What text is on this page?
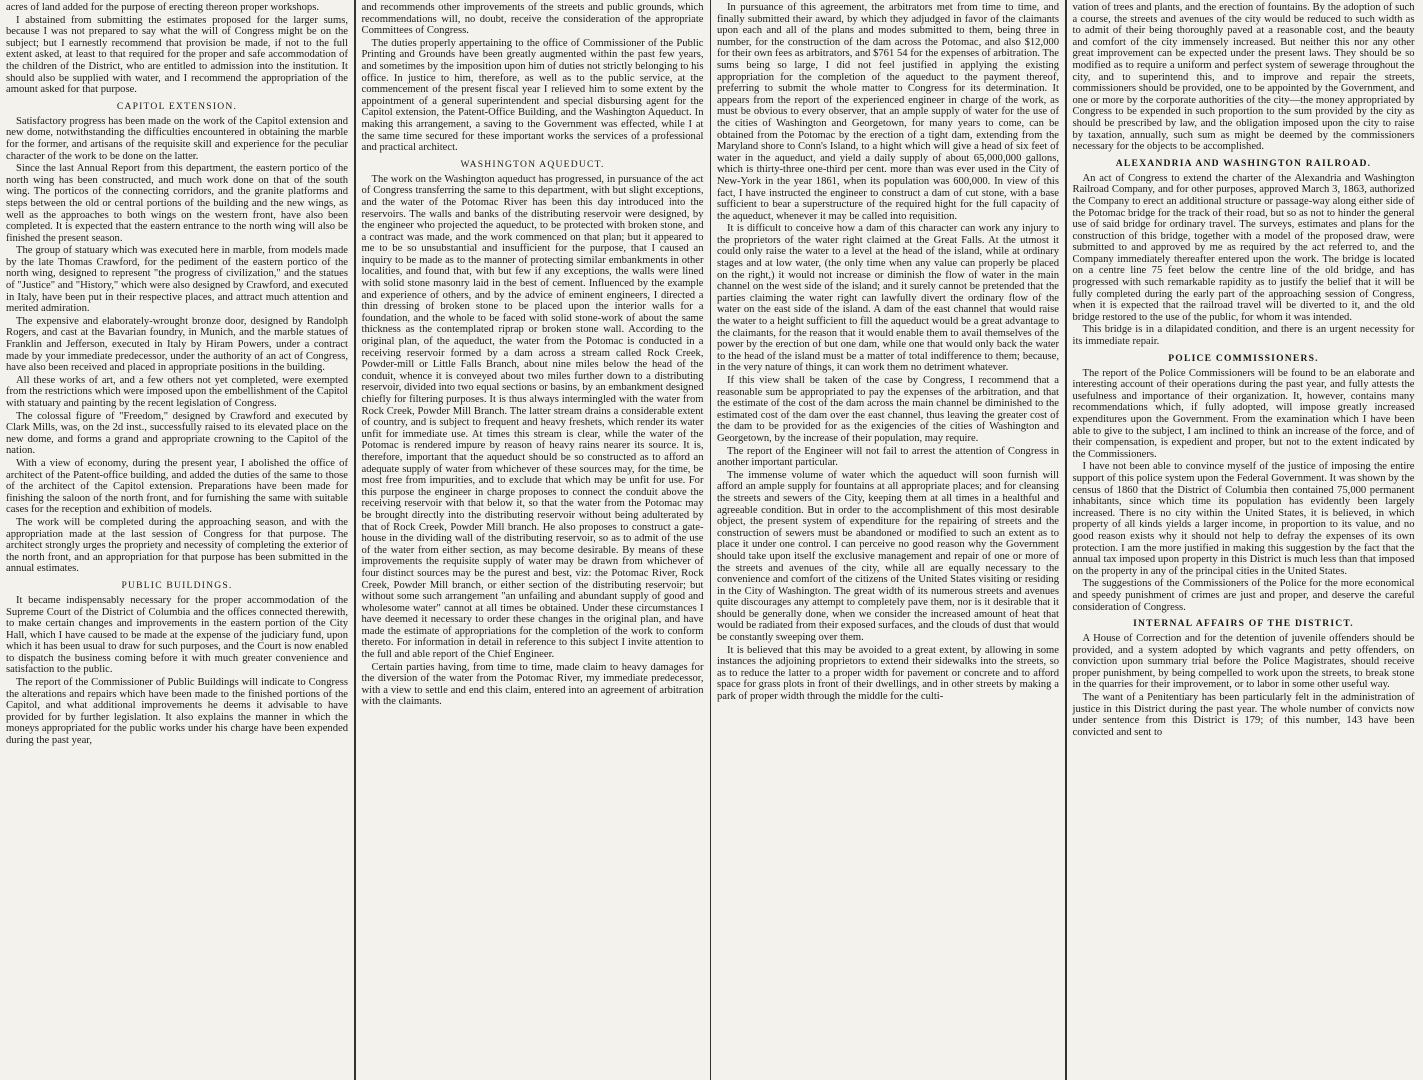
acres of land added for the purpose of erecting thereon proper workshops.

I abstained from submitting the estimates proposed for the larger sums, because I was not prepared to say what the will of Congress might be on the subject; but I earnestly recommend that provision be made, if not to the full extent asked, at least to that required for the proper and safe accommodation of the children of the District, who are entitled to admission into the institution. It should also be supplied with water, and I recommend the appropriation of the amount asked for that purpose.

CAPITOL EXTENSION.

Satisfactory progress has been made on the work of the Capitol extension and new dome, notwithstanding the difficulties encountered in obtaining the marble for the former, and artisans of the requisite skill and experience for the peculiar character of the work to be done on the latter.

Since the last Annual Report from this department, the eastern portico of the north wing has been constructed, and much work done on that of the south wing. The porticos of the connecting corridors, and the granite platforms and steps between the old or central portions of the building and the new wings, as well as the approaches to both wings on the western front, have also been completed. It is expected that the eastern entrance to the north wing will also be finished the present season.

The group of statuary which was executed here in marble, from models made by the late Thomas Crawford, for the pediment of the eastern portico of the north wing, designed to represent "the progress of civilization," and the statues of "Justice" and "History," which were also designed by Crawford, and executed in Italy, have been put in their respective places, and attract much attention and merited admiration.

The expensive and elaborately-wrought bronze door, designed by Randolph Rogers, and cast at the Bavarian foundry, in Munich, and the marble statues of Franklin and Jefferson, executed in Italy by Hiram Powers, under a contract made by your immediate predecessor, under the authority of an act of Congress, have also been received and placed in appropriate positions in the building.

All these works of art, and a few others not yet completed, were exempted from the restrictions which were imposed upon the embellishment of the Capitol with statuary and painting by the recent legislation of Congress.

The colossal figure of "Freedom," designed by Crawford and executed by Clark Mills, was, on the 2d inst., successfully raised to its elevated place on the new dome, and forms a grand and appropriate crowning to the Capitol of the nation.

With a view of economy, during the present year, I abolished the office of architect of the Patent-office building, and added the duties of the same to those of the architect of the Capitol extension. Preparations have been made for finishing the saloon of the north front, and for furnishing the same with suitable cases for the reception and exhibition of models.

The work will be completed during the approaching season, and with the appropriation made at the last session of Congress for that purpose. The architect strongly urges the propriety and necessity of completing the exterior of the north front, and an appropriation for that purpose has been submitted in the annual estimates.

PUBLIC BUILDINGS.

It became indispensably necessary for the proper accommodation of the Supreme Court of the District of Columbia and the offices connected therewith, to make certain changes and improvements in the eastern portion of the City Hall, which I have caused to be made at the expense of the judiciary fund, upon which it has been usual to draw for such purposes, and the Court is now enabled to dispatch the business coming before it with much greater convenience and satisfaction to the public.

The report of the Commissioner of Public Buildings will indicate to Congress the alterations and repairs which have been made to the finished portions of the Capitol, and what additional improvements he deems it advisable to have provided for by further legislation. It also explains the manner in which the moneys appropriated for the public works under his charge have been expended during the past year,

and recommends other improvements of the streets and public grounds, which recommendations will, no doubt, receive the consideration of the appropriate Committees of Congress.

The duties properly appertaining to the office of Commissioner of the Public Printing and Grounds have been greatly augmented within the past few years, and sometimes by the imposition upon him of duties not strictly belonging to his office. In justice to him, therefore, as well as to the public service, at the commencement of the present fiscal year I relieved him to some extent by the appointment of a general superintendent and special disbursing agent for the Capitol extension, the Patent-Office Building, and the Washington Aqueduct. In making this arrangement, a saving to the Government was effected, while I at the same time secured for these important works the services of a professional and practical architect.

WASHINGTON AQUEDUCT.

The work on the Washington aqueduct has progressed, in pursuance of the act of Congress transferring the same to this department, with but slight exceptions, and the water of the Potomac River has been this day introduced into the reservoirs. The walls and banks of the distributing reservoir were designed, by the engineer who projected the aqueduct, to be protected with broken stone, and a contract was made, and the work commenced on that plan; but it appeared to me to be so unsubstantial and insufficient for the purpose, that I caused an inquiry to be made as to the manner of protecting similar embankments in other localities, and found that, with but few if any exceptions, the walls were lined with solid stone masonry laid in the best of cement. Influenced by the example and experience of others, and by the advice of eminent engineers, I directed a thin dressing of broken stone to be placed upon the interior walls for a foundation, and the whole to be faced with solid stone-work of about the same thickness as the contemplated riprap or broken stone wall. According to the original plan, of the aqueduct, the water from the Potomac is conducted in a receiving reservoir formed by a dam across a stream called Rock Creek, Powder-mill or Little Falls Branch, about nine miles below the head of the conduit, whence it is conveyed about two miles further down to a distributing reservoir, divided into two equal sections or basins, by an embankment designed chiefly for filtering purposes. It is thus always intermingled with the water from Rock Creek, Powder Mill Branch. The latter stream drains a considerable extent of country, and is subject to frequent and heavy freshets, which render its water unfit for immediate use. At times this stream is clear, while the water of the Potomac is rendered impure by reason of heavy rains nearer its source. It is, therefore, important that the aqueduct should be so constructed as to afford an adequate supply of water from whichever of these sources may, for the time, be most free from impurities, and to exclude that which may be unfit for use. For this purpose the engineer in charge proposes to connect the conduit above the receiving reservoir with that below it, so that the water from the Potomac may be brought directly into the distributing reservoir without being adulterated by that of Rock Creek, Powder Mill branch. He also proposes to construct a gate-house in the dividing wall of the distributing reservoir, so as to admit of the use of the water from either section, as may become desirable. By means of these improvements the requisite supply of water may be drawn from whichever of four distinct sources may be the purest and best, viz: the Potomac River, Rock Creek, Powder Mill branch, or either section of the distributing reservoir; but without some such arrangement "an unfailing and abundant supply of good and wholesome water" cannot at all times be obtained. Under these circumstances I have deemed it necessary to order these changes in the original plan, and have made the estimate of appropriations for the completion of the work to conform thereto. For information in detail in reference to this subject I invite attention to the full and able report of the Chief Engineer.

Certain parties having, from time to time, made claim to heavy damages for the diversion of the water from the Potomac River, my immediate predecessor, with a view to settle and end this claim, entered into an agreement of arbitration with the claimants.

In pursuance of this agreement, the arbitrators met from time to time, and finally submitted their award, by which they adjudged in favor of the claimants upon each and all of the plans and modes submitted to them, being three in number, for the construction of the dam across the Potomac, and also $12,000 for their own fees as arbitrators, and $761 54 for the expenses of arbitration. The sums being so large, I did not feel justified in applying the existing appropriation for the completion of the aqueduct to the payment thereof, preferring to submit the whole matter to Congress for its determination. It appears from the report of the experienced engineer in charge of the work, as must be obvious to every observer, that an ample supply of water for the use of the cities of Washington and Georgetown, for many years to come, can be obtained from the Potomac by the erection of a tight dam, extending from the Maryland shore to Conn's Island, to a hight which will give a head of six feet of water in the aqueduct, and yield a daily supply of about 65,000,000 gallons, which is thirty-three one-third per cent. more than was ever used in the City of New-York in the year 1861, when its population was 600,000. In view of this fact, I have instructed the engineer to construct a dam of cut stone, with a base sufficient to bear a superstructure of the required hight for the full capacity of the aqueduct, whenever it may be called into requisition.

It is difficult to conceive how a dam of this character can work any injury to the proprietors of the water right claimed at the Great Falls. At the utmost it could only raise the water to a level at the head of the island, while at ordinary stages and at low water, (the only time when any value can properly be placed on the right,) it would not increase or diminish the flow of water in the main channel on the west side of the island; and it surely cannot be pretended that the parties claiming the water right can lawfully divert the ordinary flow of the water on the east side of the island. A dam of the east channel that would raise the water to a height sufficient to fill the aqueduct would be a great advantage to the claimants, for the reason that it would enable them to avail themselves of the power by the erection of but one dam, while one that would only back the water to the head of the island must be a matter of total indifference to them; because, in the very nature of things, it can work them no detriment whatever.

If this view shall be taken of the case by Congress, I recommend that a reasonable sum be appropriated to pay the expenses of the arbitration, and that the estimate of the cost of the dam across the main channel be diminished to the estimated cost of the dam over the east channel, thus leaving the greater cost of the dam to be provided for as the exigencies of the cities of Washington and Georgetown, by the increase of their population, may require.

The report of the Engineer will not fail to arrest the attention of Congress in another important particular.

The immense volume of water which the aqueduct will soon furnish will afford an ample supply for fountains at all appropriate places; and for cleansing the streets and sewers of the City, keeping them at all times in a healthful and agreeable condition. But in order to the accomplishment of this most desirable object, the present system of expenditure for the repairing of streets and the construction of sewers must be abandoned or modified to such an extent as to place it under one control. I can perceive no good reason why the Government should take upon itself the exclusive management and repair of one or more of the streets and avenues of the city, while all are equally necessary to the convenience and comfort of the citizens of the United States visiting or residing in the City of Washington. The great width of its numerous streets and avenues quite discourages any attempt to completely pave them, nor is it desirable that it should be generally done, when we consider the increased amount of heat that would be radiated from their exposed surfaces, and the clouds of dust that would be constantly sweeping over them.

It is believed that this may be avoided to a great extent, by allowing in some instances the adjoining proprietors to extend their sidewalks into the streets, so as to reduce the latter to a proper width for pavement or concrete and to afford space for grass plots in front of their dwellings, and in other streets by making a park of proper width through the middle for the culti-

vation of trees and plants, and the erection of fountains. By the adoption of such a course, the streets and avenues of the city would be reduced to such width as to admit of their being thoroughly paved at a reasonable cost, and the beauty and comfort of the city immensely increased. But neither this nor any other great improvement can be expected under the present laws. They should be so modified as to require a uniform and perfect system of sewerage throughout the city, and to superintend this, and to improve and repair the streets, commissioners should be provided, one to be appointed by the Government, and one or more by the corporate authorities of the city—the money appropriated by Congress to be expended in such proportion to the sum provided by the city as should be prescribed by law, and the obligation imposed upon the city to raise by taxation, annually, such sum as might be deemed by the commissioners necessary for the objects to be accomplished.

ALEXANDRIA AND WASHINGTON RAILROAD.

An act of Congress to extend the charter of the Alexandria and Washington Railroad Company, and for other purposes, approved March 3, 1863, authorized the Company to erect an additional structure or passage-way along either side of the Potomac bridge for the track of their road, but so as not to hinder the general use of said bridge for ordinary travel. The surveys, estimates and plans for the construction of this bridge, together with a model of the proposed draw, were submitted to and approved by me as required by the act referred to, and the Company immediately thereafter entered upon the work. The bridge is located on a centre line 75 feet below the centre line of the old bridge, and has progressed with such remarkable rapidity as to justify the belief that it will be fully completed during the early part of the approaching session of Congress, when it is expected that the railroad travel will be diverted to it, and the old bridge restored to the use of the public, for whom it was intended.

This bridge is in a dilapidated condition, and there is an urgent necessity for its immediate repair.

POLICE COMMISSIONERS.

The report of the Police Commissioners will be found to be an elaborate and interesting account of their operations during the past year, and fully attests the usefulness and importance of their organization. It, however, contains many recommendations which, if fully adopted, will impose greatly increased expenditures upon the Government. From the examination which I have been able to give to the subject, I am inclined to think an increase of the force, and of their compensation, is expedient and proper, but not to the extent indicated by the Commissioners.

I have not been able to convince myself of the justice of imposing the entire support of this police system upon the Federal Government. It was shown by the census of 1860 that the District of Columbia then contained 75,000 permanent inhabitants, since which time its population has evidently been largely increased. There is no city within the United States, it is believed, in which property of all kinds yields a larger income, in proportion to its value, and no good reason exists why it should not help to defray the expenses of its own protection. I am the more justified in making this suggestion by the fact that the annual tax imposed upon property in this District is much less than that imposed on the property in any of the principal cities in the United States.

The suggestions of the Commissioners of the Police for the more economical and speedy punishment of crimes are just and proper, and deserve the careful consideration of Congress.

INTERNAL AFFAIRS OF THE DISTRICT.

A House of Correction and for the detention of juvenile offenders should be provided, and a system adopted by which vagrants and petty offenders, on conviction upon summary trial before the Police Magistrates, should receive proper punishment, by being compelled to work upon the streets, to break stone in the quarries for their improvement, or to labor in some other useful way.

The want of a Penitentiary has been particularly felt in the administration of justice in this District during the past year. The whole number of convicts now under sentence from this District is 179; of this number, 143 have been convicted and sent to
